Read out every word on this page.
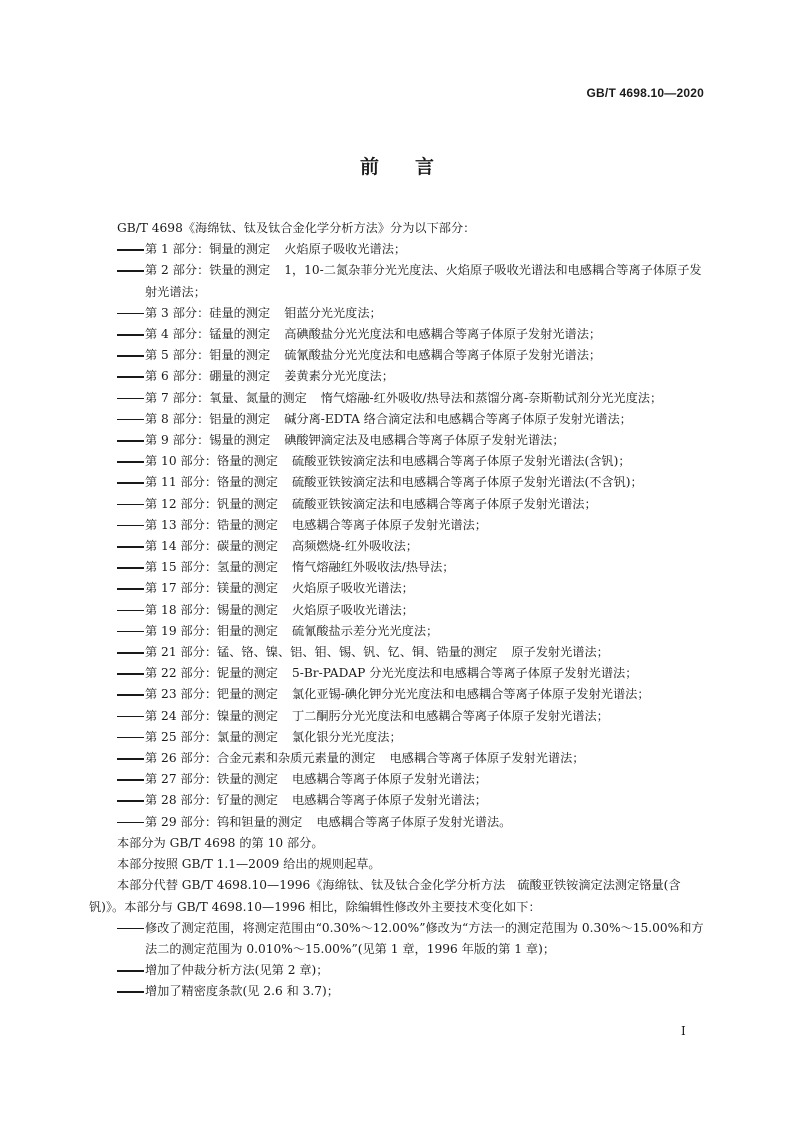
GB/T 4698.10—2020
前言

GB/T 4698《海绵钛、钛及钛合金化学分析方法》分为以下部分：

第 1 部分：铜量的测定 火焰原子吸收光谱法；
第 2 部分：铁量的测定 1，10-二氮杂菲分光光度法、火焰原子吸收光谱法和电感耦合等离子体原子发射光谱法；
第 3 部分：硅量的测定 钼蓝分光光度法；
第 4 部分：锰量的测定 高碘酸盐分光光度法和电感耦合等离子体原子发射光谱法；
第 5 部分：钼量的测定 硫氰酸盐分光光度法和电感耦合等离子体原子发射光谱法；
第 6 部分：硼量的测定 姜黄素分光光度法；
第 7 部分：氧量、氮量的测定 惰气熔融-红外吸收/热导法和蒸馏分离-奈斯勒试剂分光光度法；
第 8 部分：铝量的测定 碱分离-EDTA 络合滴定法和电感耦合等离子体原子发射光谱法；
第 9 部分：锡量的测定 碘酸钾滴定法及电感耦合等离子体原子发射光谱法；
第 10 部分：铬量的测定 硫酸亚铁铵滴定法和电感耦合等离子体原子发射光谱法(含钒)；
第 11 部分：铬量的测定 硫酸亚铁铵滴定法和电感耦合等离子体原子发射光谱法(不含钒)；
第 12 部分：钒量的测定 硫酸亚铁铵滴定法和电感耦合等离子体原子发射光谱法；
第 13 部分：锆量的测定 电感耦合等离子体原子发射光谱法；
第 14 部分：碳量的测定 高频燃烧-红外吸收法；
第 15 部分：氢量的测定 惰气熔融红外吸收法/热导法；
第 17 部分：镁量的测定 火焰原子吸收光谱法；
第 18 部分：锡量的测定 火焰原子吸收光谱法；
第 19 部分：钼量的测定 硫氰酸盐示差分光光度法；
第 21 部分：锰、铬、镍、铝、钼、锡、钒、钇、铜、锆量的测定 原子发射光谱法；
第 22 部分：铌量的测定 5-Br-PADAP 分光光度法和电感耦合等离子体原子发射光谱法；
第 23 部分：钯量的测定 氯化亚锡-碘化钾分光光度法和电感耦合等离子体原子发射光谱法；
第 24 部分：镍量的测定 丁二酮肟分光光度法和电感耦合等离子体原子发射光谱法；
第 25 部分：氯量的测定 氯化银分光光度法；
第 26 部分：合金元素和杂质元素量的测定 电感耦合等离子体原子发射光谱法；
第 27 部分：铁量的测定 电感耦合等离子体原子发射光谱法；
第 28 部分：钌量的测定 电感耦合等离子体原子发射光谱法；
第 29 部分：钨和钽量的测定 电感耦合等离子体原子发射光谱法。

本部分为 GB/T 4698 的第 10 部分。

本部分按照 GB/T 1.1—2009 给出的规则起草。

本部分代替 GB/T 4698.10—1996《海绵钛、钛及钛合金化学分析方法　硫酸亚铁铵滴定法测定铬量(含钒)》。本部分与 GB/T 4698.10—1996 相比，除编辑性修改外主要技术变化如下：

修改了测定范围，将测定范围由“0.30%～12.00%”修改为“方法一的测定范围为 0.30%～15.00%和方法二的测定范围为 0.010%～15.00%”(见第 1 章，1996 年版的第 1 章)；
增加了仲裁分析方法(见第 2 章)；
增加了精密度条款(见 2.6 和 3.7)；
I
